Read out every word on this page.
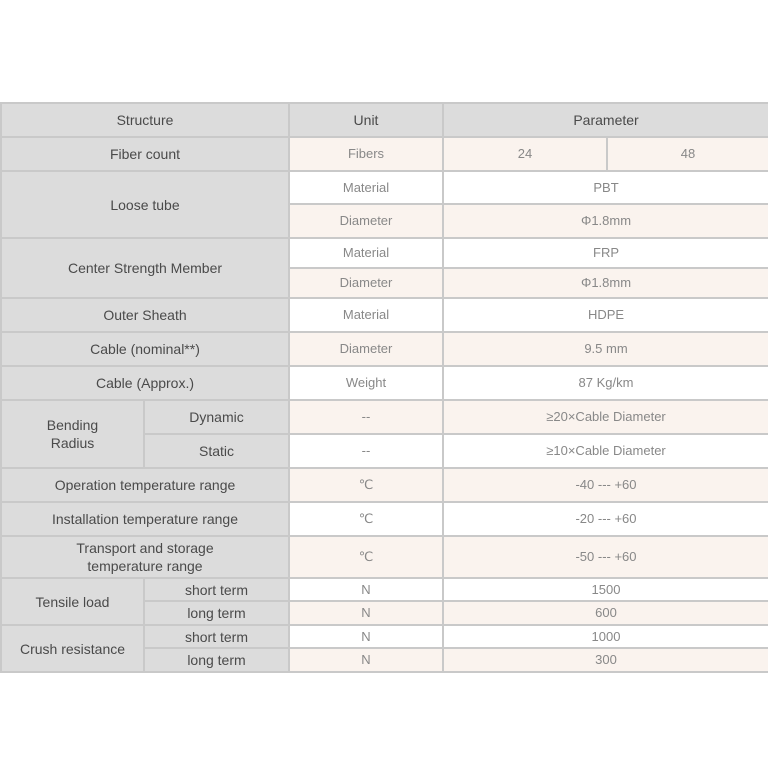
Structure		Unit	Parameter	
Fiber count		Fibers	24	48
Loose tube		Material	PBT	
		Diameter	Φ1.8mm	
Center Strength Member		Material	FRP	
		Diameter	Φ1.8mm	
Outer Sheath		Material	HDPE	
Cable (nominal**)		Diameter	9.5 mm	
Cable (Approx.)		Weight	87 Kg/km	
Bending
Radius	Dynamic	--	≥20×Cable Diameter	
	Static	--	≥10×Cable Diameter	
Operation temperature range		℃	-40 --- +60	
Installation temperature range		℃	-20 --- +60	
Transport and storage
temperature range		℃	-50 --- +60	
Tensile load	short term	N	1500	
	long term	N	600	
Crush resistance	short term	N	1000	
	long term	N	300	
